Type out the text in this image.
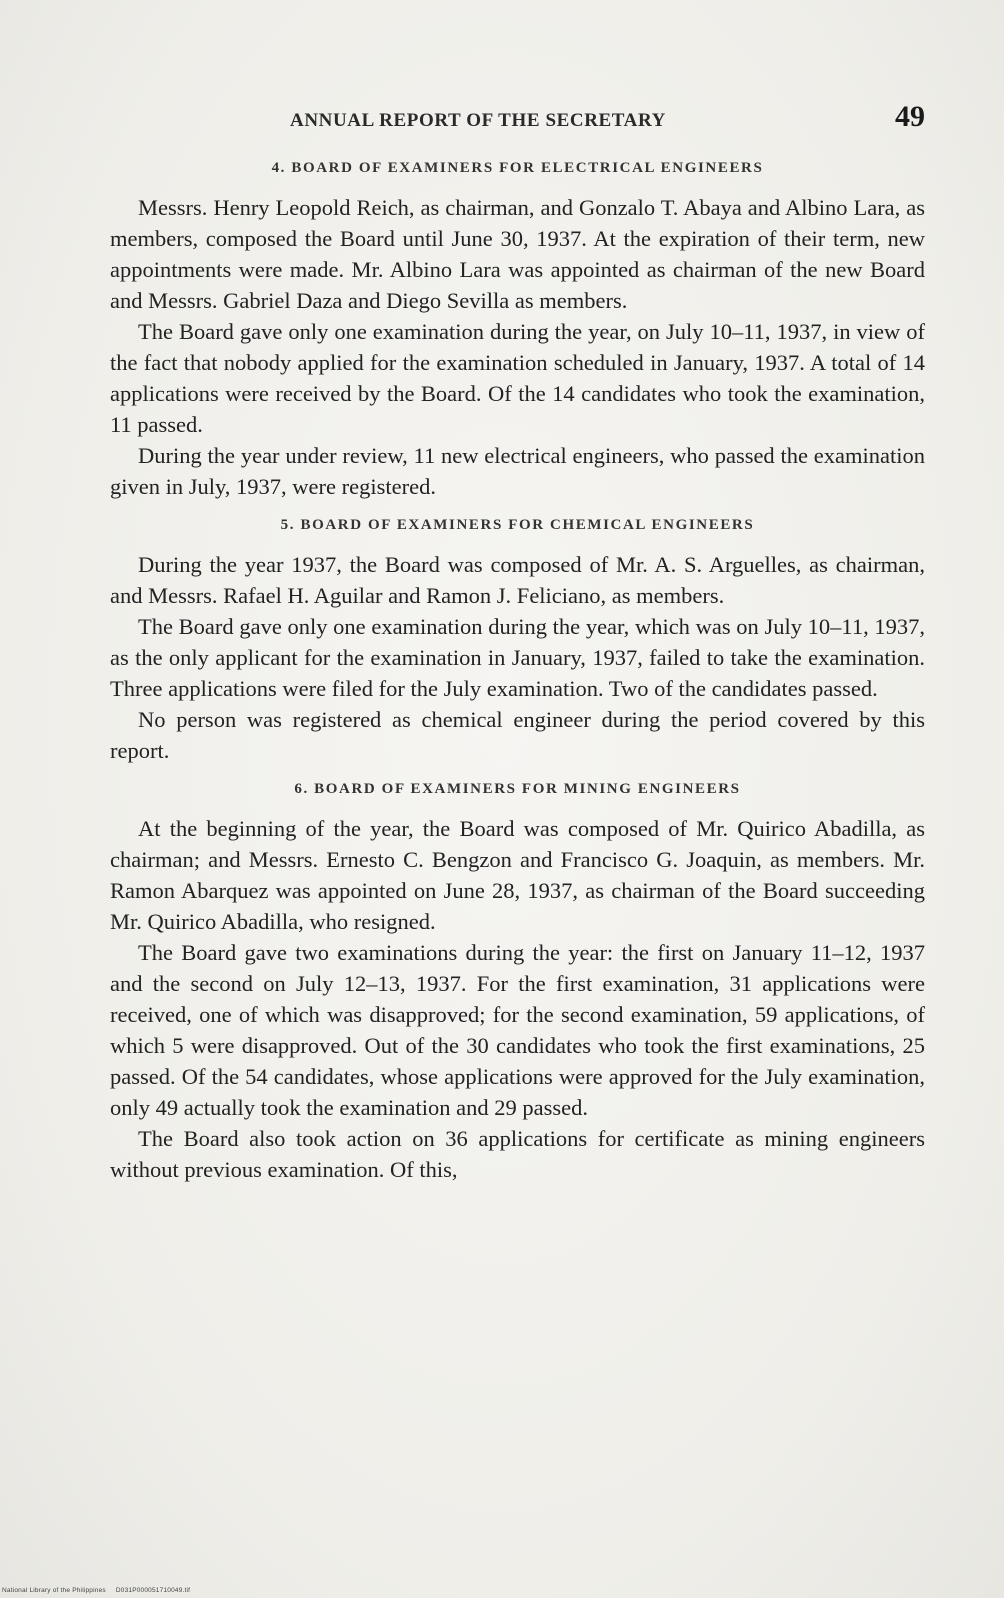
ANNUAL REPORT OF THE SECRETARY	49
4. BOARD OF EXAMINERS FOR ELECTRICAL ENGINEERS

Messrs. Henry Leopold Reich, as chairman, and Gonzalo T. Abaya and Albino Lara, as members, composed the Board until June 30, 1937. At the expiration of their term, new appointments were made. Mr. Albino Lara was appointed as chairman of the new Board and Messrs. Gabriel Daza and Diego Sevilla as members.

The Board gave only one examination during the year, on July 10–11, 1937, in view of the fact that nobody applied for the examination scheduled in January, 1937. A total of 14 applications were received by the Board. Of the 14 candidates who took the examination, 11 passed.

During the year under review, 11 new electrical engineers, who passed the examination given in July, 1937, were registered.

5. BOARD OF EXAMINERS FOR CHEMICAL ENGINEERS

During the year 1937, the Board was composed of Mr. A. S. Arguelles, as chairman, and Messrs. Rafael H. Aguilar and Ramon J. Feliciano, as members.

The Board gave only one examination during the year, which was on July 10–11, 1937, as the only applicant for the examination in January, 1937, failed to take the examination. Three applications were filed for the July examination. Two of the candidates passed.

No person was registered as chemical engineer during the period covered by this report.

6. BOARD OF EXAMINERS FOR MINING ENGINEERS

At the beginning of the year, the Board was composed of Mr. Quirico Abadilla, as chairman; and Messrs. Ernesto C. Bengzon and Francisco G. Joaquin, as members. Mr. Ramon Abarquez was appointed on June 28, 1937, as chairman of the Board succeeding Mr. Quirico Abadilla, who resigned.

The Board gave two examinations during the year: the first on January 11–12, 1937 and the second on July 12–13, 1937. For the first examination, 31 applications were received, one of which was disapproved; for the second examination, 59 applications, of which 5 were disapproved. Out of the 30 candidates who took the first examinations, 25 passed. Of the 54 candidates, whose applications were approved for the July examination, only 49 actually took the examination and 29 passed.

The Board also took action on 36 applications for certificate as mining engineers without previous examination. Of this,

National Library of the Philippines D031P000051710049.tif
